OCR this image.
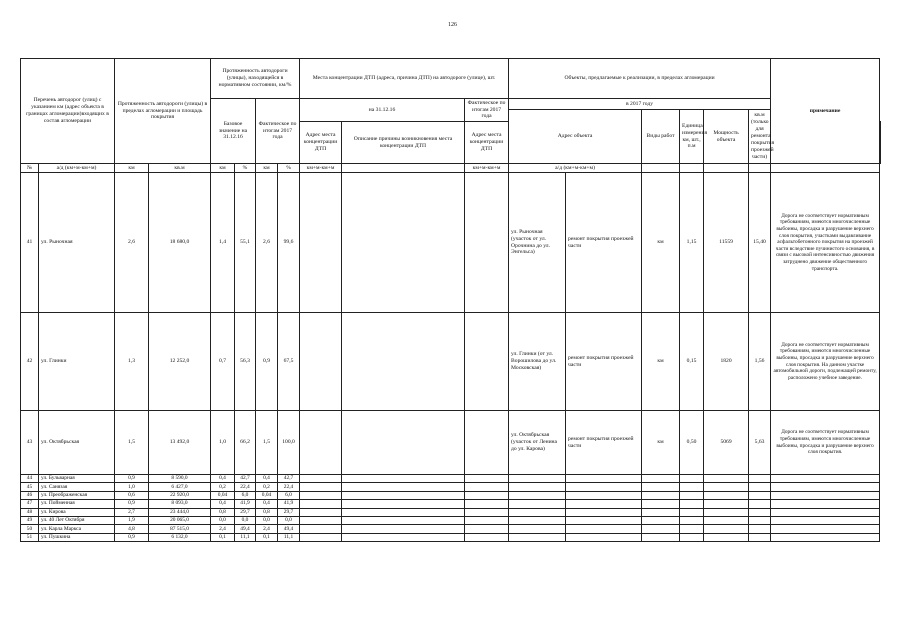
126
Перечень автодорог (улиц) с указанием км (адрес объекта в границах агломерации)входящих в состав агломерации		Протяженность автодороги (улицы) в пределах агломерации и площадь покрытия		Протяженность автодороги (улицы), находящейся в нормативном состоянии, км/%				Места концентрации ДТП (адреса, причина ДТП) на автодороге (улице), шт.			Объекты, предлагаемые к реализации, в пределах агломерации						примечание	
				Базовое значение на 31.12.16		Фактическое по итогам 2017 года		на 31.12.16		Фактическое по итогам 2017 года	в 2017 году							
											Адрес объекта		Виды работ	Единица измерения км, шт., п.м	Мощность объекта	кв.м (только для ремонта покрытия проезжей части)		
								Адрес места концентрации ДТП	Описание причины возникновения места концентрации ДТП	Адрес места концентрации ДТП	
№	а/д (км+м-км+м)	км	кв.м	км	%	км	%	км+м-км+м		км+м-км+м	а/д (км+м-км+м)							
41	ул. Рыночная	2,6	18 680,0	1,4	55,1	2,6	99,6				ул. Рыночная (участок от ул. Орочнина до ул. Энгельса)	ремонт покрытия проезжей части	км	1,15	11559	15,40	Дорога не соответствует нормативным требованиям, имеются многочисленные выбоины, просадка и разрушение верхнего слоя покрытия, участками выдавливание асфальтобетонного покрытия на проезжей части вследствие пучинистого основания, в связи с высокой интенсивностью движения затруднено движение общественного транспорта.	
42	ул. Глинки	1,3	12 252,0	0,7	56,3	0,9	67,5				ул. Глинки (от ул. Ворошилова до ул. Московская)	ремонт покрытия проезжей части	км	0,15	1820	1,56	Дорога не соответствует нормативным требованиям, имеются многочисленные выбоины, просадка и разрушение верхнего слоя покрытия. На данном участке автомобильной дороги, подлежащей ремонту, расположено учебное заведение.	
43	ул. Октябрьская	1,5	13 492,0	1,0	66,2	1,5	100,0				ул. Октябрьская (участок от Ленина до ул. Карова)	ремонт покрытия проезжей части	км	0,50	5069	5,63	Дорога не соответствует нормативным требованиям, имеются многочисленные выбоины, просадка и разрушение верхнего слоя покрытия.	
44	ул. Бульварная	0,9	8 590,0	0,4	42,7	0,4	42,7											
45	ул. Санязая	1,0	6 427,0	0,2	22,4	0,2	22,4											
46	ул. Преображенская	0,6	22 920,0	0,04	6,0	0,04	6,0											
47	ул. Пойменная	0,9	8 093,0	0,4	41,9	0,4	41,9											
48	ул. Кирова	2,7	23 444,0	0,8	29,7	0,8	29,7											
49	ул. 40 Лет Октября	1,9	20 065,0	0,0	0,0	0,0	0,0											
50	ул. Карла Маркса	4,8	87 515,0	2,4	49,4	2,4	49,4											
51	ул. Пушкина	0,9	6 132,0	0,1	11,1	0,1	11,1											
